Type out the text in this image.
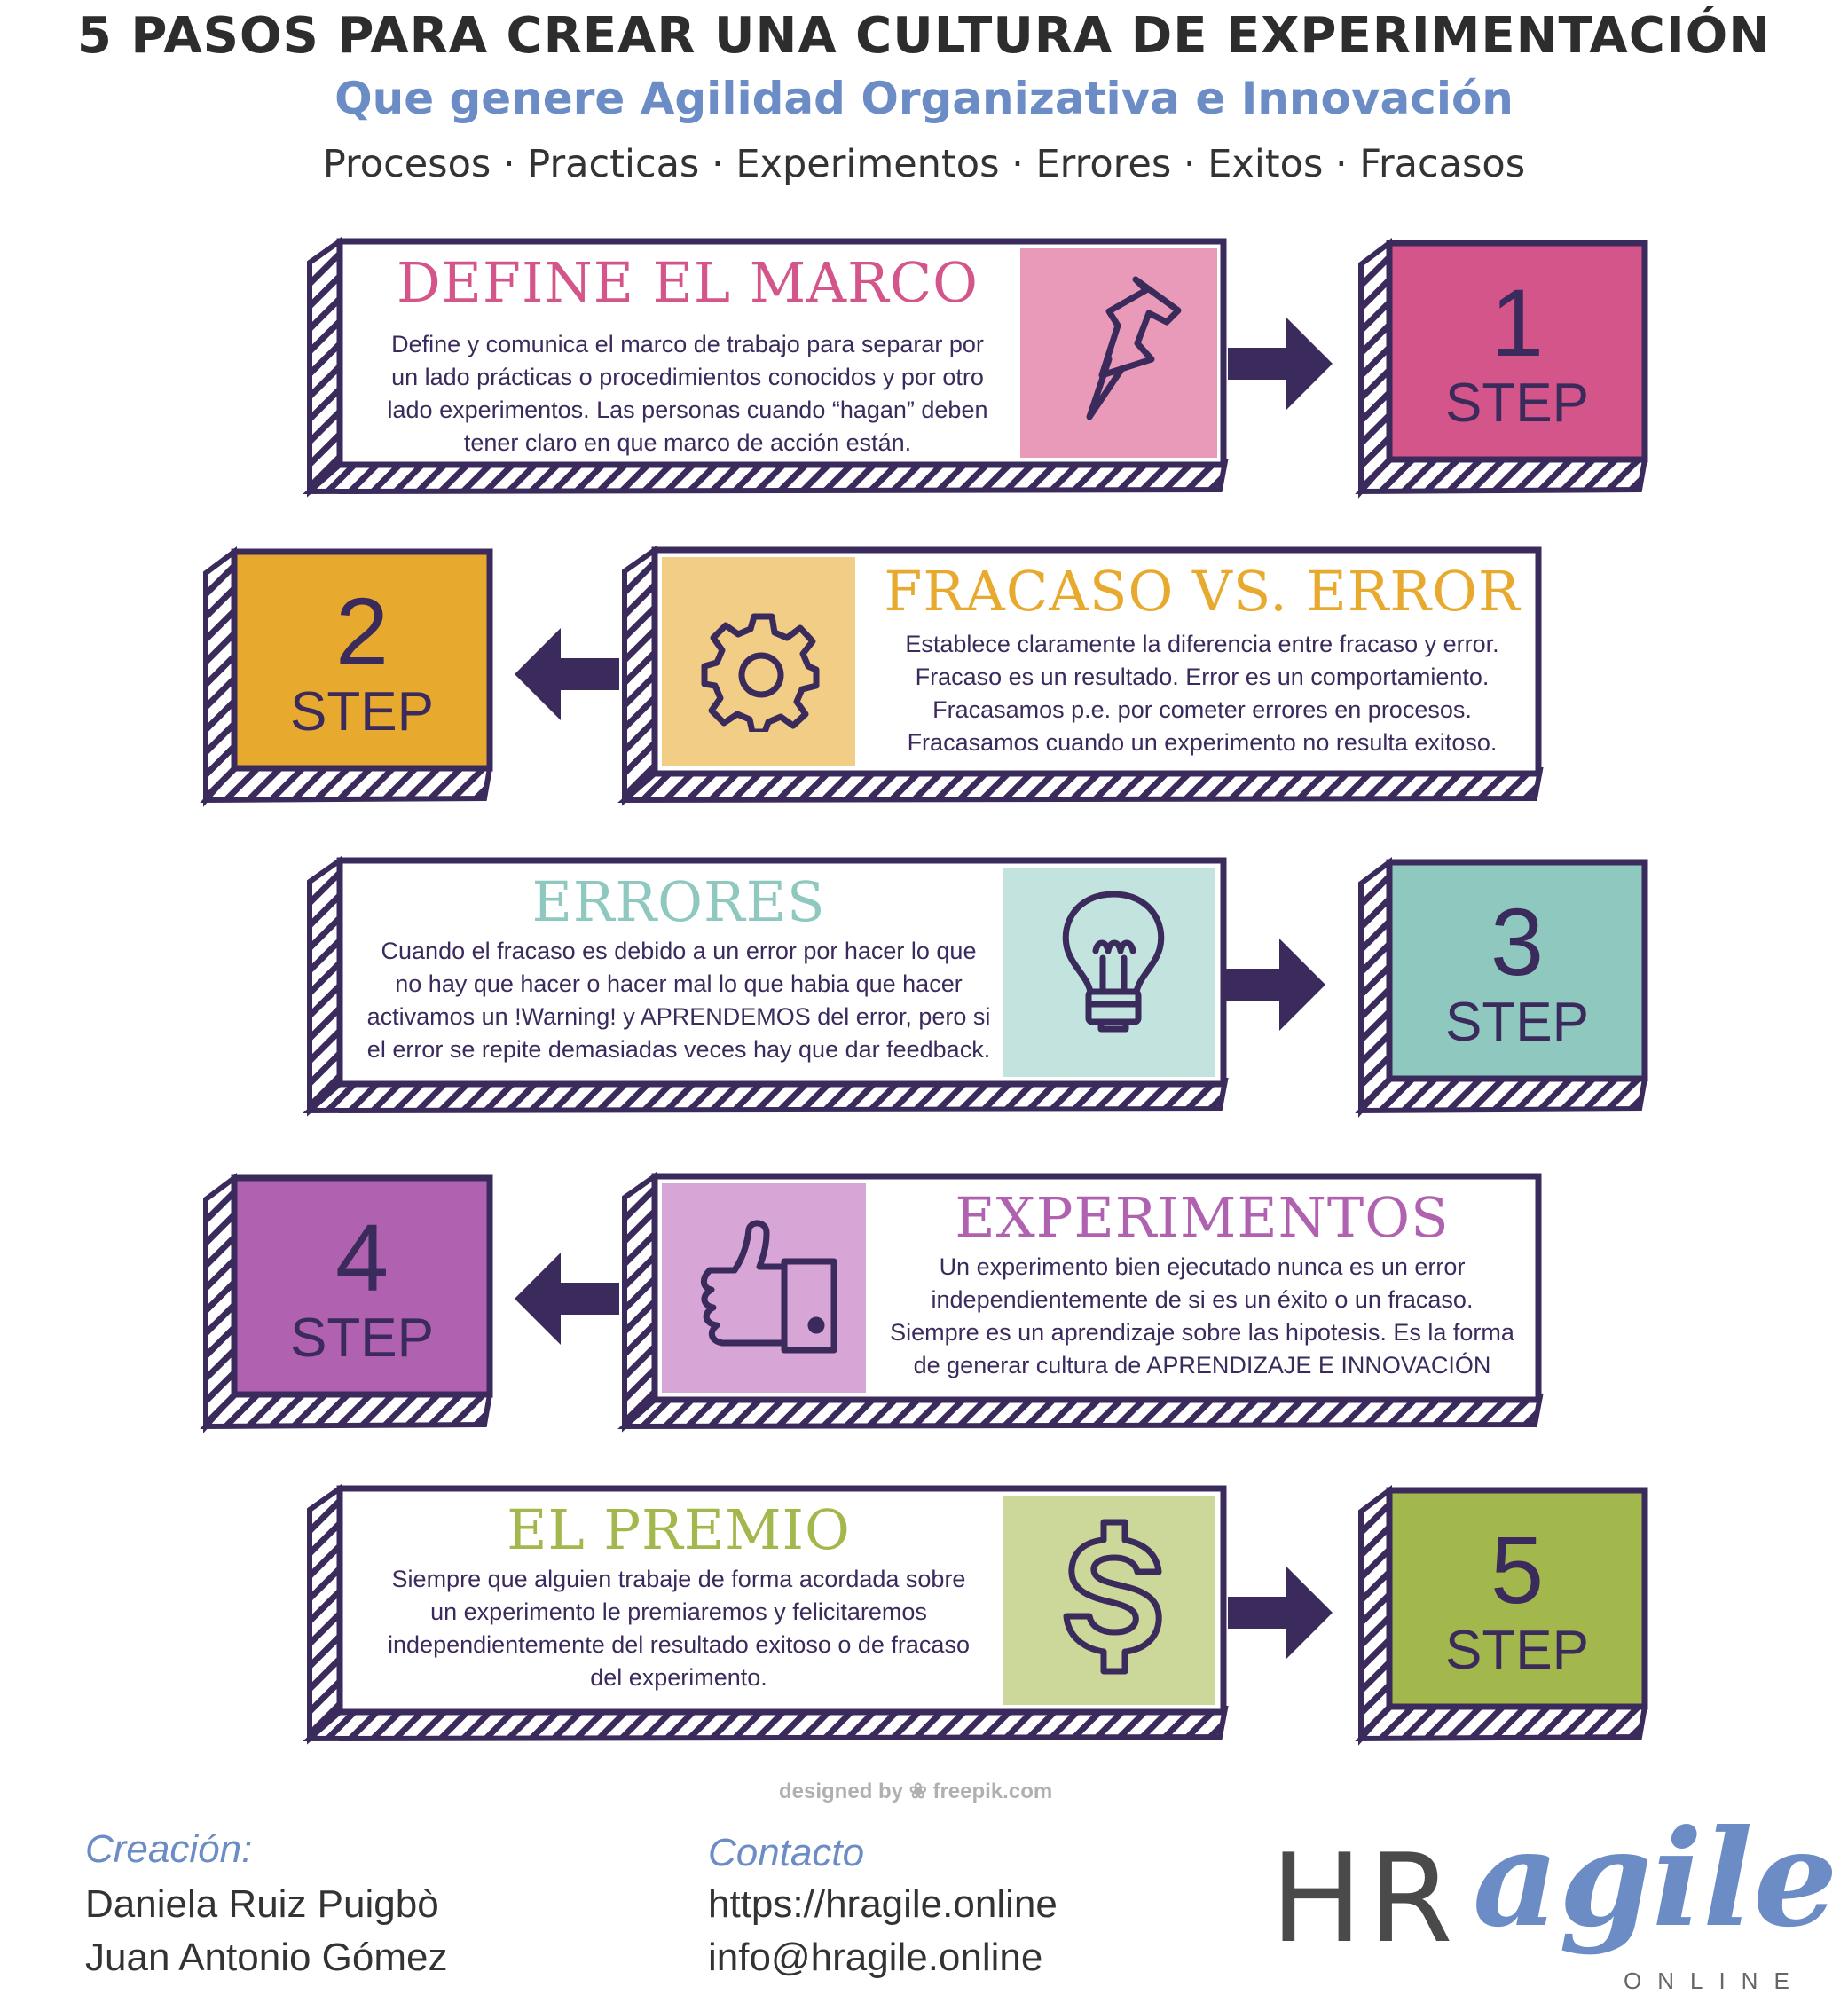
5 PASOS PARA CREAR UNA CULTURA DE EXPERIMENTACIÓN
Que genere Agilidad Organizativa e Innovación
Procesos · Practicas · Experimentos · Errores · Exitos · Fracasos
DEFINE EL MARCO
Define y comunica el marco de trabajo para separar por
un lado prácticas o procedimientos conocidos y por otro
lado experimentos. Las personas cuando “hagan” deben
tener claro en que marco de acción están.
1
STEP
2
STEP
FRACASO VS. ERROR
Establece claramente la diferencia entre fracaso y error.
Fracaso es un resultado. Error es un comportamiento.
Fracasamos p.e. por cometer errores en procesos.
Fracasamos cuando un experimento no resulta exitoso.
ERRORES
Cuando el fracaso es debido a un error por hacer lo que
no hay que hacer o hacer mal lo que habia que hacer
activamos un !Warning! y APRENDEMOS del error, pero si
el error se repite demasiadas veces hay que dar feedback.
3
STEP
4
STEP
EXPERIMENTOS
Un experimento bien ejecutado nunca es un error
independientemente de si es un éxito o un fracaso.
Siempre es un aprendizaje sobre las hipotesis. Es la forma
de generar cultura de APRENDIZAJE E INNOVACIÓN
EL PREMIO
Siempre que alguien trabaje de forma acordada sobre
un experimento le premiaremos y felicitaremos
independientemente del resultado exitoso o de fracaso
del experimento.
5
STEP
designed by ❀ freepik.com
Creación:
Daniela Ruiz Puigbò
Juan Antonio Gómez
Contacto
https://hragile.online
info@hragile.online HR agile
ONLINE
